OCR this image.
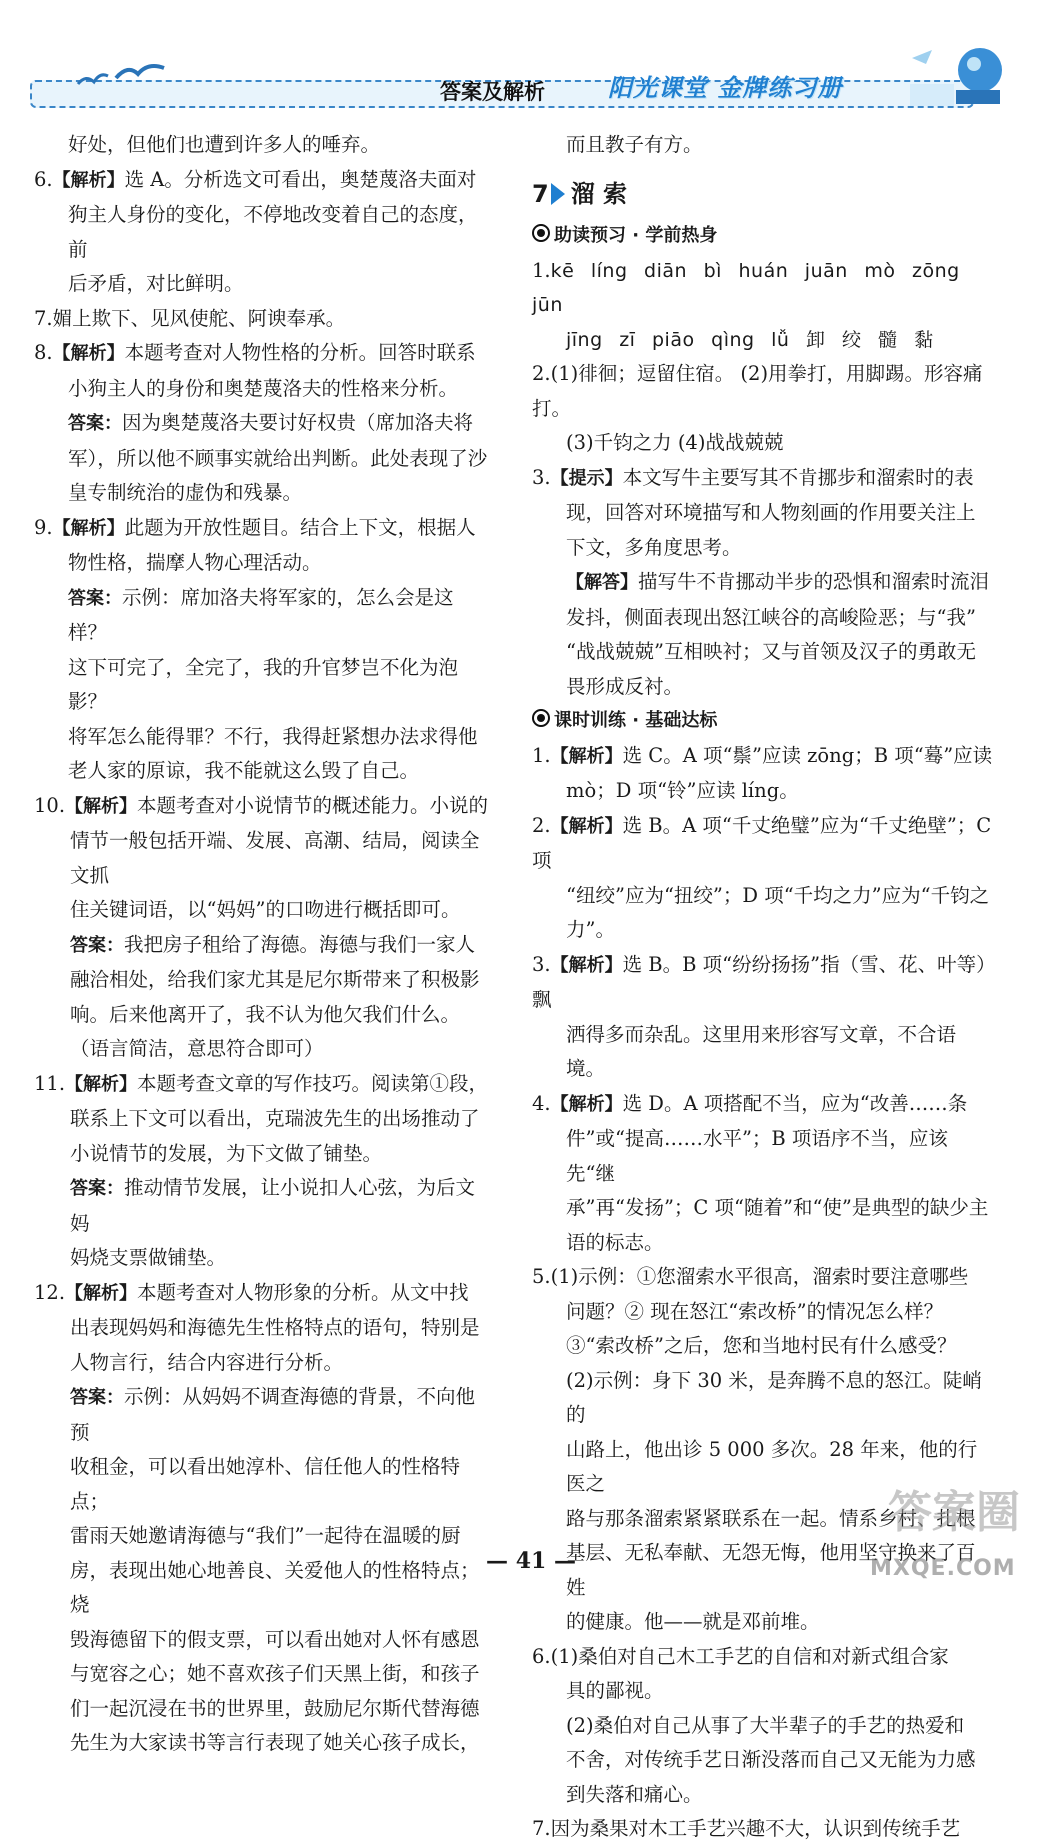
答案及解析	阳光课堂 金牌练习册

好处，但他们也遭到许多人的唾弃。

6.【解析】选 A。分析选文可看出，奥楚蔑洛夫面对

狗主人身份的变化，不停地改变着自己的态度，前

后矛盾，对比鲜明。

7.媚上欺下、见风使舵、阿谀奉承。

8.【解析】本题考查对人物性格的分析。回答时联系

小狗主人的身份和奥楚蔑洛夫的性格来分析。

答案：因为奥楚蔑洛夫要讨好权贵（席加洛夫将

军），所以他不顾事实就给出判断。此处表现了沙

皇专制统治的虚伪和残暴。

9.【解析】此题为开放性题目。结合上下文，根据人

物性格，揣摩人物心理活动。

答案：示例：席加洛夫将军家的，怎么会是这样？

这下可完了，全完了，我的升官梦岂不化为泡影？

将军怎么能得罪？不行，我得赶紧想办法求得他

老人家的原谅，我不能就这么毁了自己。

10.【解析】本题考查对小说情节的概述能力。小说的

情节一般包括开端、发展、高潮、结局，阅读全文抓

住关键词语，以“妈妈”的口吻进行概括即可。

答案：我把房子租给了海德。海德与我们一家人

融洽相处，给我们家尤其是尼尔斯带来了积极影

响。后来他离开了，我不认为他欠我们什么。

（语言简洁，意思符合即可）

11.【解析】本题考查文章的写作技巧。阅读第①段，

联系上下文可以看出，克瑞波先生的出场推动了

小说情节的发展，为下文做了铺垫。

答案：推动情节发展，让小说扣人心弦，为后文妈

妈烧支票做铺垫。

12.【解析】本题考查对人物形象的分析。从文中找

出表现妈妈和海德先生性格特点的语句，特别是

人物言行，结合内容进行分析。

答案：示例：从妈妈不调查海德的背景，不向他预

收租金，可以看出她淳朴、信任他人的性格特点；

雷雨天她邀请海德与“我们”一起待在温暖的厨

房，表现出她心地善良、关爱他人的性格特点；烧

毁海德留下的假支票，可以看出她对人怀有感恩

与宽容之心；她不喜欢孩子们天黑上街，和孩子

们一起沉浸在书的世界里，鼓励尼尔斯代替海德

先生为大家读书等言行表现了她关心孩子成长，

而且教子有方。

7 溜 索

助读预习 · 学前热身

1.kē líng diān bì huán juān mò zōng jūn

jīng zī piāo qìng lǚ 卸 绞 髓 黏

2.(1)徘徊；逗留住宿。 (2)用拳打，用脚踢。形容痛打。

(3)千钧之力 (4)战战兢兢

3.【提示】本文写牛主要写其不肯挪步和溜索时的表

现，回答对环境描写和人物刻画的作用要关注上

下文，多角度思考。

【解答】描写牛不肯挪动半步的恐惧和溜索时流泪

发抖，侧面表现出怒江峡谷的高峻险恶；与“我”

“战战兢兢”互相映衬；又与首领及汉子的勇敢无

畏形成反衬。

课时训练 · 基础达标

1.【解析】选 C。A 项“鬃”应读 zōng；B 项“蓦”应读

mò；D 项“铃”应读 líng。

2.【解析】选 B。A 项“千丈绝璧”应为“千丈绝壁”；C 项

“纽绞”应为“扭绞”；D 项“千均之力”应为“千钧之力”。

3.【解析】选 B。B 项“纷纷扬扬”指（雪、花、叶等）飘

洒得多而杂乱。这里用来形容写文章，不合语境。

4.【解析】选 D。A 项搭配不当，应为“改善……条

件”或“提高……水平”；B 项语序不当，应该先“继

承”再“发扬”；C 项“随着”和“使”是典型的缺少主

语的标志。

5.(1)示例：①您溜索水平很高，溜索时要注意哪些

问题？② 现在怒江“索改桥”的情况怎么样？

③“索改桥”之后，您和当地村民有什么感受？

(2)示例：身下 30 米，是奔腾不息的怒江。陡峭的

山路上，他出诊 5 000 多次。28 年来，他的行医之

路与那条溜索紧紧联系在一起。情系乡村、扎根

基层、无私奉献、无怨无悔，他用坚守换来了百姓

的健康。他——就是邓前堆。

6.(1)桑伯对自己木工手艺的自信和对新式组合家

具的鄙视。

(2)桑伯对自己从事了大半辈子的手艺的热爱和

不舍，对传统手艺日渐没落而自己又无能为力感

到失落和痛心。

7.因为桑果对木工手艺兴趣不大，认识到传统手艺

— 41 —
答案圈
MXQE.COM
